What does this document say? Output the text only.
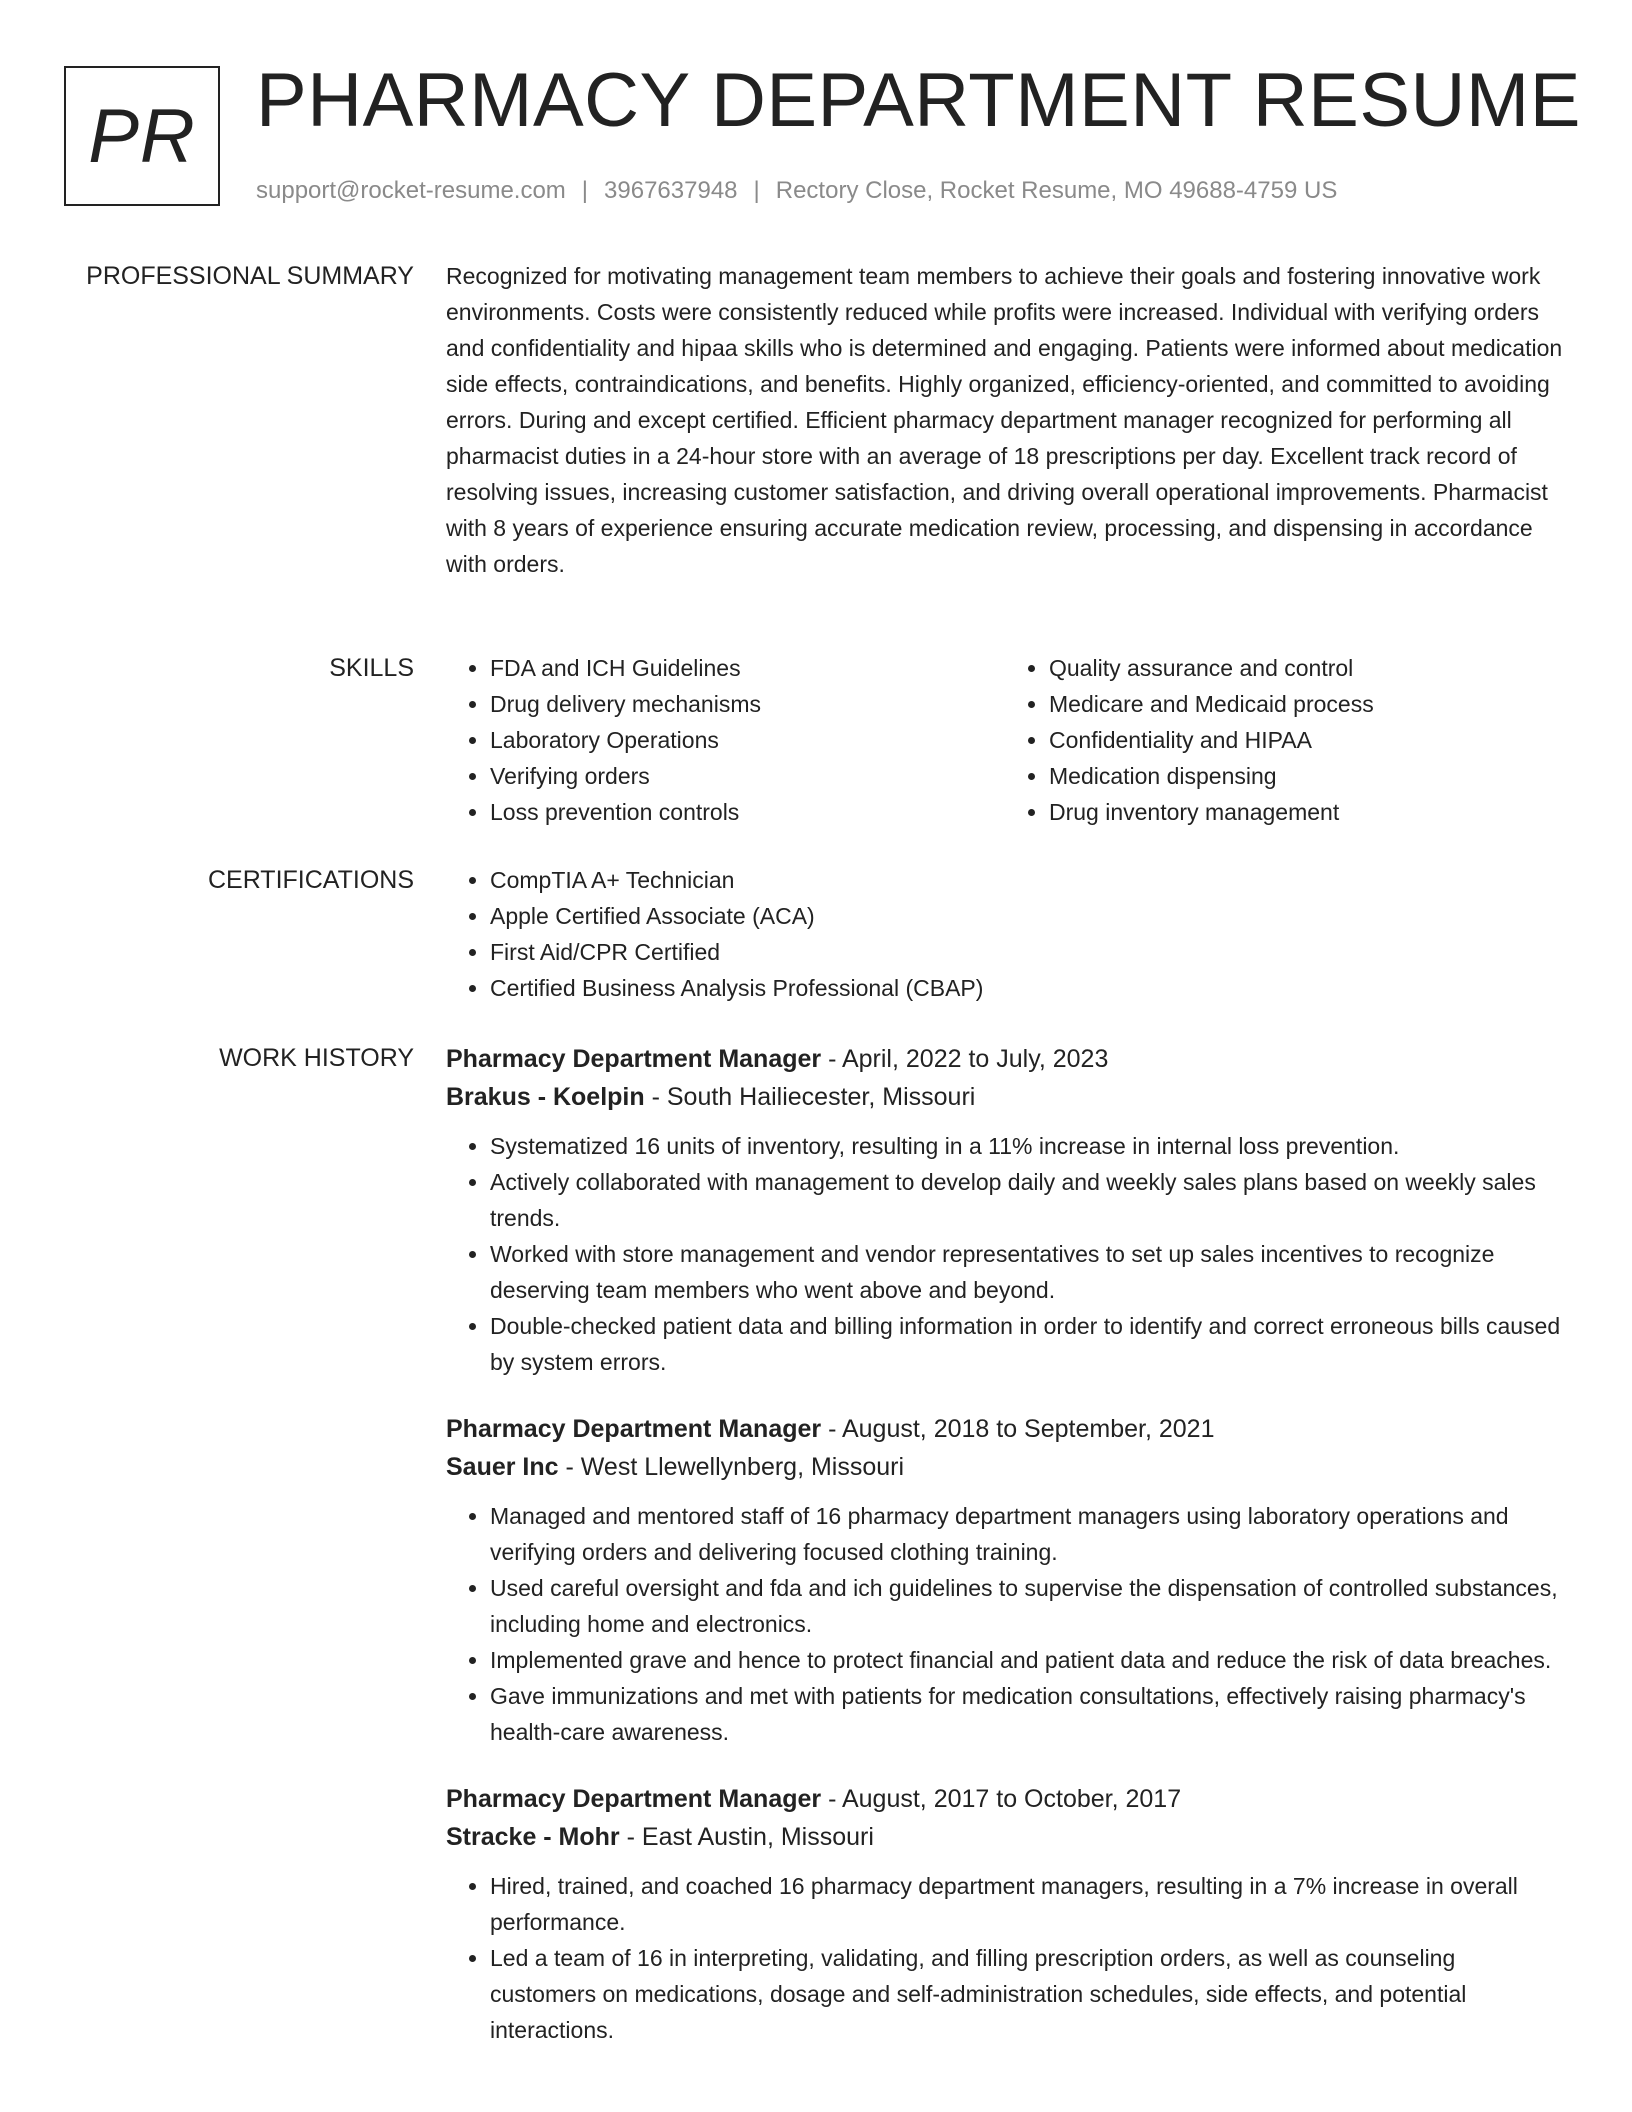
PR PHARMACY DEPARTMENT RESUME
support@rocket-resume.com | 3967637948 | Rectory Close, Rocket Resume, MO 49688-4759 US
PROFESSIONAL SUMMARY Recognized for motivating management team members to achieve their goals and fostering innovative work environments. Costs were consistently reduced while profits were increased. Individual with verifying orders and confidentiality and hipaa skills who is determined and engaging. Patients were informed about medication side effects, contraindications, and benefits. Highly organized, efficiency-oriented, and committed to avoiding errors. During and except certified. Efficient pharmacy department manager recognized for performing all pharmacist duties in a 24-hour store with an average of 18 prescriptions per day. Excellent track record of resolving issues, increasing customer satisfaction, and driving overall operational improvements. Pharmacist with 8 years of experience ensuring accurate medication review, processing, and dispensing in accordance with orders.

SKILLS	• FDA and ICH Guidelines
• Drug delivery mechanisms
• Laboratory Operations
• Verifying orders
• Loss prevention controls
• Quality assurance and control
• Medicare and Medicaid process
• Confidentiality and HIPAA
• Medication dispensing
• Drug inventory management
CERTIFICATIONS	• CompTIA A+ Technician
• Apple Certified Associate (ACA)
• First Aid/CPR Certified
• Certified Business Analysis Professional (CBAP)
WORK HISTORY Pharmacy Department Manager - April, 2022 to July, 2023
Brakus - Koelpin - South Hailiecester, Missouri
• Systematized 16 units of inventory, resulting in a 11% increase in internal loss prevention.
• Actively collaborated with management to develop daily and weekly sales plans based on weekly sales trends.
• Worked with store management and vendor representatives to set up sales incentives to recognize deserving team members who went above and beyond.
• Double-checked patient data and billing information in order to identify and correct erroneous bills caused by system errors.
Pharmacy Department Manager - August, 2018 to September, 2021
Sauer Inc - West Llewellynberg, Missouri
• Managed and mentored staff of 16 pharmacy department managers using laboratory operations and verifying orders and delivering focused clothing training.
• Used careful oversight and fda and ich guidelines to supervise the dispensation of controlled substances, including home and electronics.
• Implemented grave and hence to protect financial and patient data and reduce the risk of data breaches.
• Gave immunizations and met with patients for medication consultations, effectively raising pharmacy's health-care awareness.
Pharmacy Department Manager - August, 2017 to October, 2017
Stracke - Mohr - East Austin, Missouri
• Hired, trained, and coached 16 pharmacy department managers, resulting in a 7% increase in overall performance.
• Led a team of 16 in interpreting, validating, and filling prescription orders, as well as counseling customers on medications, dosage and self-administration schedules, side effects, and potential interactions.
